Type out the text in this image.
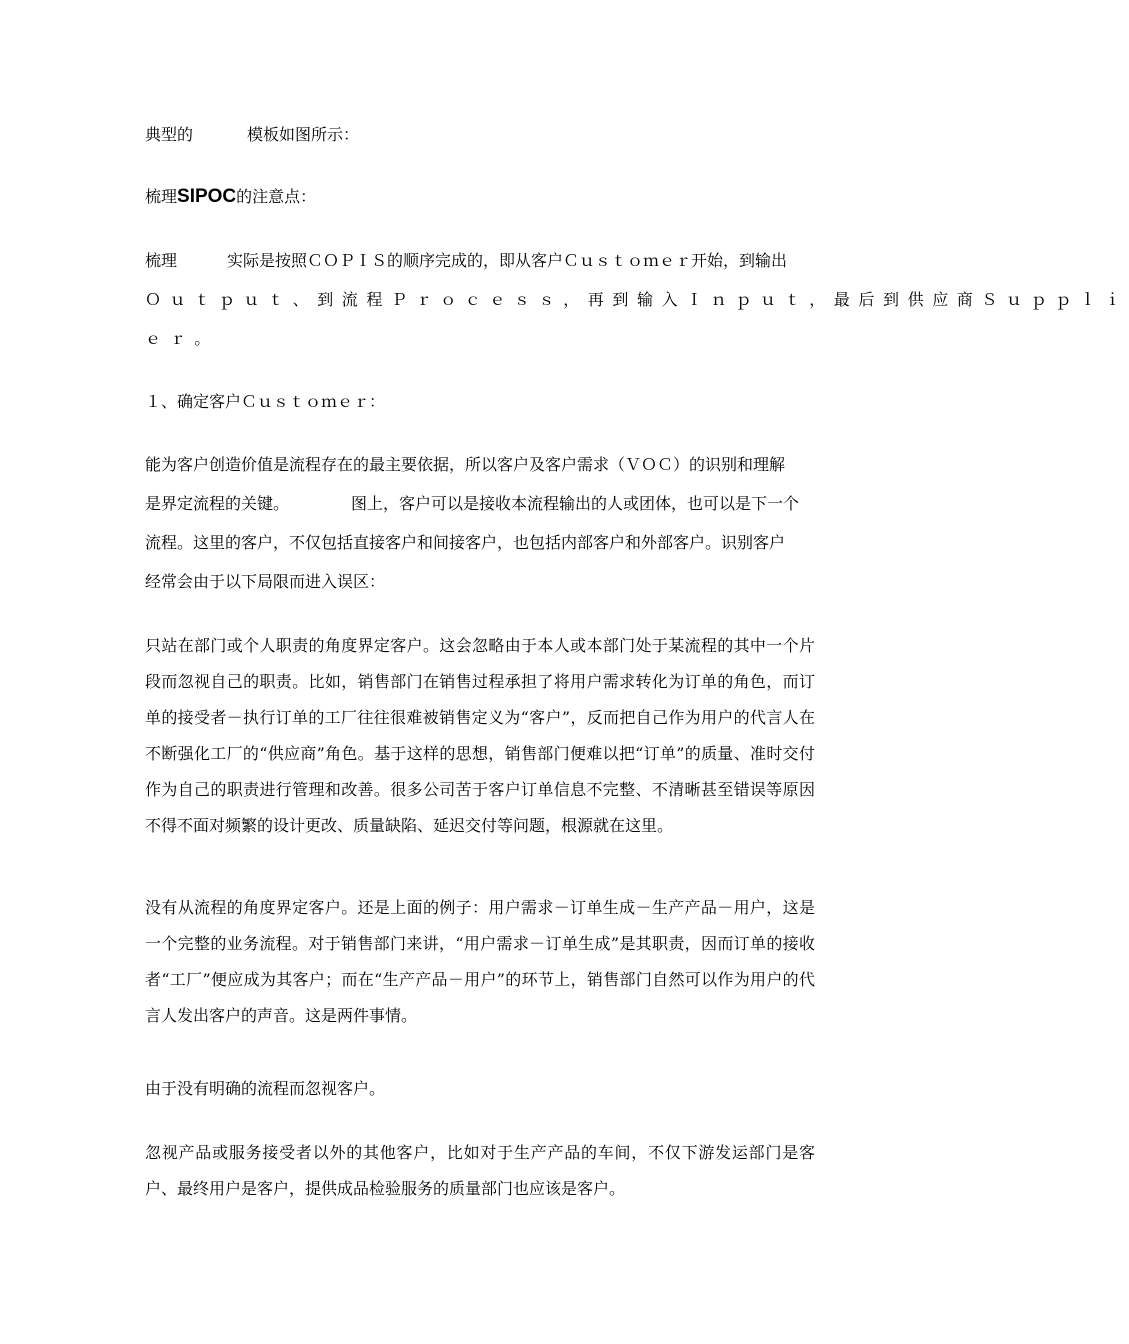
典型的	模板如图所示：
梳理SIPOC的注意点：
梳理	实际是按照ＣＯＰＩＳ的顺序完成的，即从客户Ｃｕｓｔｏｍｅｒ开始，到输出
Ｏｕｔｐｕｔ、到流程Ｐｒｏｃｅｓｓ，再到输入Ｉｎｐｕｔ，最后到供应商Ｓｕｐｐｌｉ
ｅｒ。
１、确定客户Ｃｕｓｔｏｍｅｒ：
能为客户创造价值是流程存在的最主要依据，所以客户及客户需求（ＶＯＣ）的识别和理解
是界定流程的关键。	图上，客户可以是接收本流程输出的人或团体，也可以是下一个
流程。这里的客户，不仅包括直接客户和间接客户，也包括内部客户和外部客户。识别客户
经常会由于以下局限而进入误区：
只站在部门或个人职责的角度界定客户。这会忽略由于本人或本部门处于某流程的其中一个片段而忽视自己的职责。比如，销售部门在销售过程承担了将用户需求转化为订单的角色，而订单的接受者－执行订单的工厂往往很难被销售定义为“客户”，反而把自己作为用户的代言人在不断强化工厂的“供应商”角色。基于这样的思想，销售部门便难以把“订单”的质量、准时交付作为自己的职责进行管理和改善。很多公司苦于客户订单信息不完整、不清晰甚至错误等原因不得不面对频繁的设计更改、质量缺陷、延迟交付等问题，根源就在这里。
没有从流程的角度界定客户。还是上面的例子：用户需求－订单生成－生产产品－用户，这是一个完整的业务流程。对于销售部门来讲，“用户需求－订单生成”是其职责，因而订单的接收者“工厂”便应成为其客户；而在“生产产品－用户”的环节上，销售部门自然可以作为用户的代言人发出客户的声音。这是两件事情。
由于没有明确的流程而忽视客户。
忽视产品或服务接受者以外的其他客户，比如对于生产产品的车间，不仅下游发运部门是客户、最终用户是客户，提供成品检验服务的质量部门也应该是客户。
